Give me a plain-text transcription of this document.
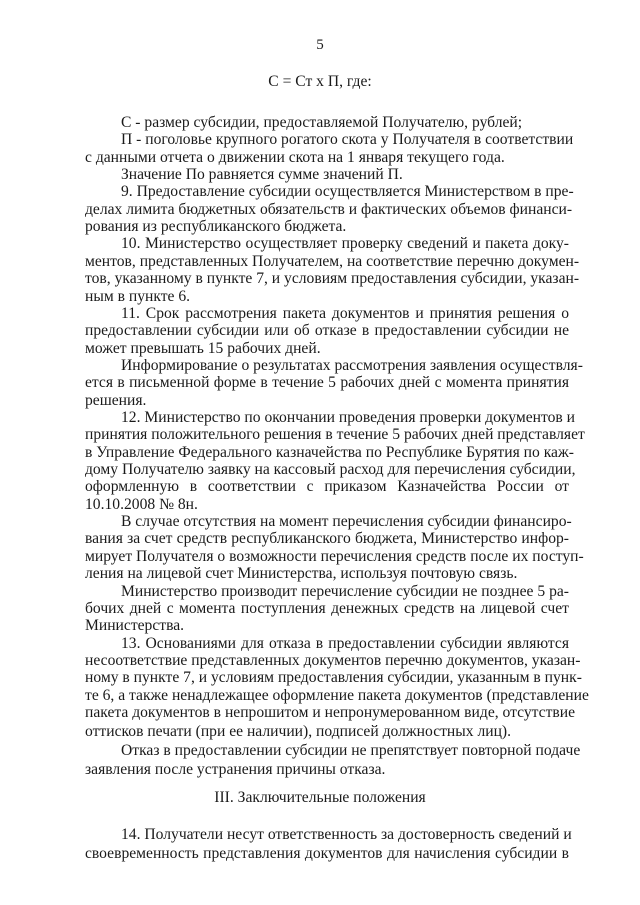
5
С = Ст х П, где:
С - размер субсидии, предоставляемой Получателю, рублей;
П - поголовье крупного рогатого скота у Получателя в соответствии
с данными отчета о движении скота на 1 января текущего года.
Значение По равняется сумме значений П.
9. Предоставление субсидии осуществляется Министерством в пре-
делах лимита бюджетных обязательств и фактических объемов финанси-
рования из республиканского бюджета.
10. Министерство осуществляет проверку сведений и пакета доку-
ментов, представленных Получателем, на соответствие перечню докумен-
тов, указанному в пункте 7, и условиям предоставления субсидии, указан-
ным в пункте 6.
11. Срок рассмотрения пакета документов и принятия решения о
предоставлении субсидии или об отказе в предоставлении субсидии не
может превышать 15 рабочих дней.
Информирование о результатах рассмотрения заявления осуществля-
ется в письменной форме в течение 5 рабочих дней с момента принятия
решения.
12. Министерство по окончании проведения проверки документов и
принятия положительного решения в течение 5 рабочих дней представляет
в Управление Федерального казначейства по Республике Бурятия по каж-
дому Получателю заявку на кассовый расход для перечисления субсидии,
оформленную в соответствии с приказом Казначейства России от
10.10.2008 № 8н.
В случае отсутствия на момент перечисления субсидии финансиро-
вания за счет средств республиканского бюджета, Министерство инфор-
мирует Получателя о возможности перечисления средств после их поступ-
ления на лицевой счет Министерства, используя почтовую связь.
Министерство производит перечисление субсидии не позднее 5 ра-
бочих дней с момента поступления денежных средств на лицевой счет
Министерства.
13. Основаниями для отказа в предоставлении субсидии являются
несоответствие представленных документов перечню документов, указан-
ному в пункте 7, и условиям предоставления субсидии, указанным в пунк-
те 6, а также ненадлежащее оформление пакета документов (представление
пакета документов в непрошитом и непронумерованном виде, отсутствие
оттисков печати (при ее наличии), подписей должностных лиц).
Отказ в предоставлении субсидии не препятствует повторной подаче
заявления после устранения причины отказа.
III. Заключительные положения
14. Получатели несут ответственность за достоверность сведений и
своевременность представления документов для начисления субсидии в
